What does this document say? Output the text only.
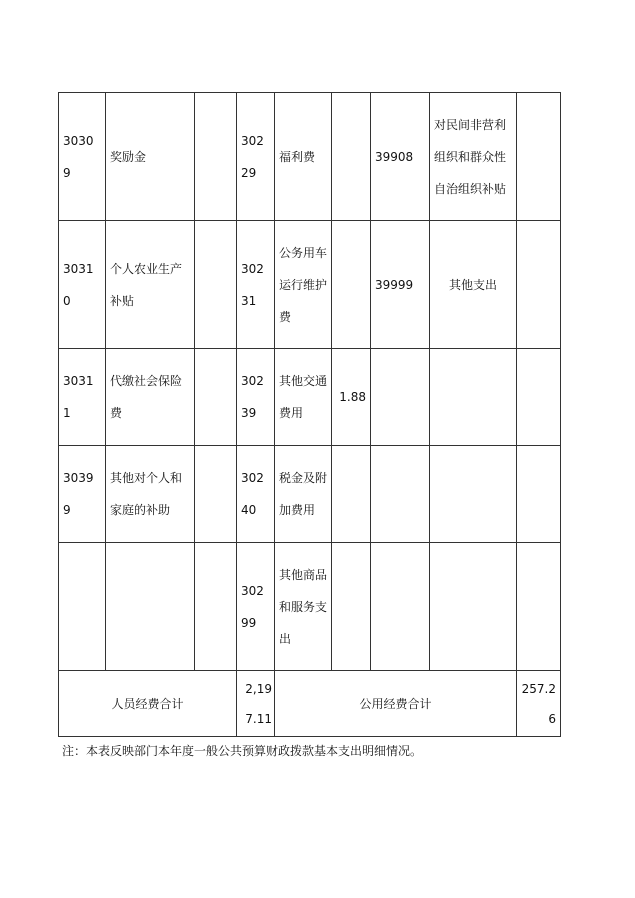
30309	奖励金		30229	福利费		39908	对民间非营利组织和群众性自治组织补贴	

30310	个人农业生产补贴		30231	公务用车运行维护费		39999	其他支出	
30311	代缴社会保险费		30239	其他交通费用	1.88			
30399	其他对个人和家庭的补助		30240	税金及附加费用				

			30299	其他商品和服务支出				

人员经费合计			2,197.11	公用经费合计				257.26
注：本表反映部门本年度一般公共预算财政拨款基本支出明细情况。
